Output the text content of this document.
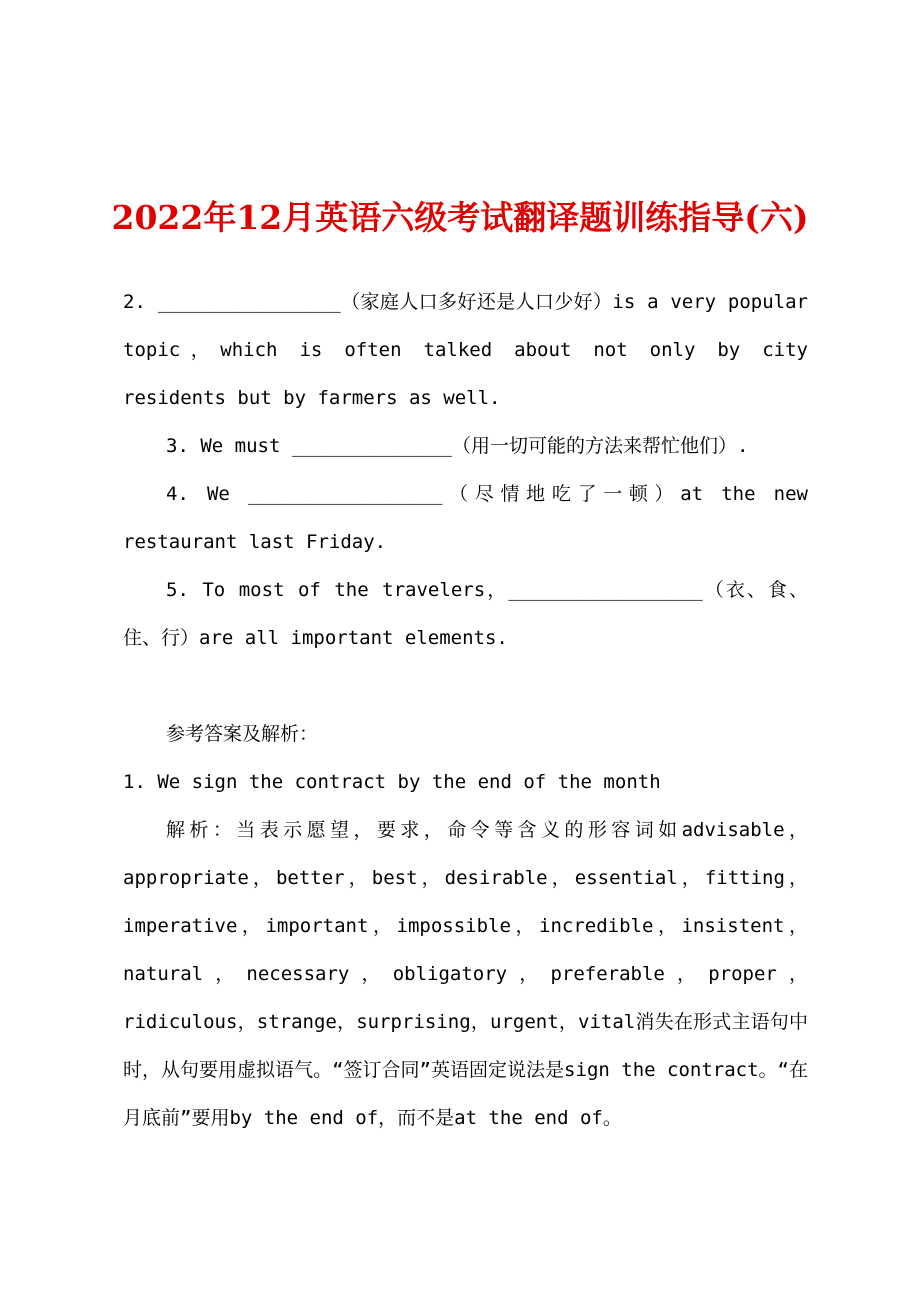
2022年12月英语六级考试翻译题训练指导(六)

2. ________________（家庭人口多好还是人口少好）is a very popular topic，which is often talked about not only by city residents but by farmers as well.

3. We must ______________（用一切可能的方法来帮忙他们）.

4. We _________________（尽情地吃了一顿）at the new restaurant last Friday.

5. To most of the travelers，_________________（衣、食、住、行）are all important elements.

参考答案及解析：

1. We sign the contract by the end of the month

解析：当表示愿望，要求，命令等含义的形容词如advisable，appropriate，better，best，desirable，essential，fitting，imperative，important，impossible，incredible，insistent，natural，necessary，obligatory，preferable，proper，ridiculous，strange，surprising，urgent，vital消失在形式主语句中时，从句要用虚拟语气。“签订合同”英语固定说法是sign the contract。“在月底前”要用by the end of，而不是at the end of。
